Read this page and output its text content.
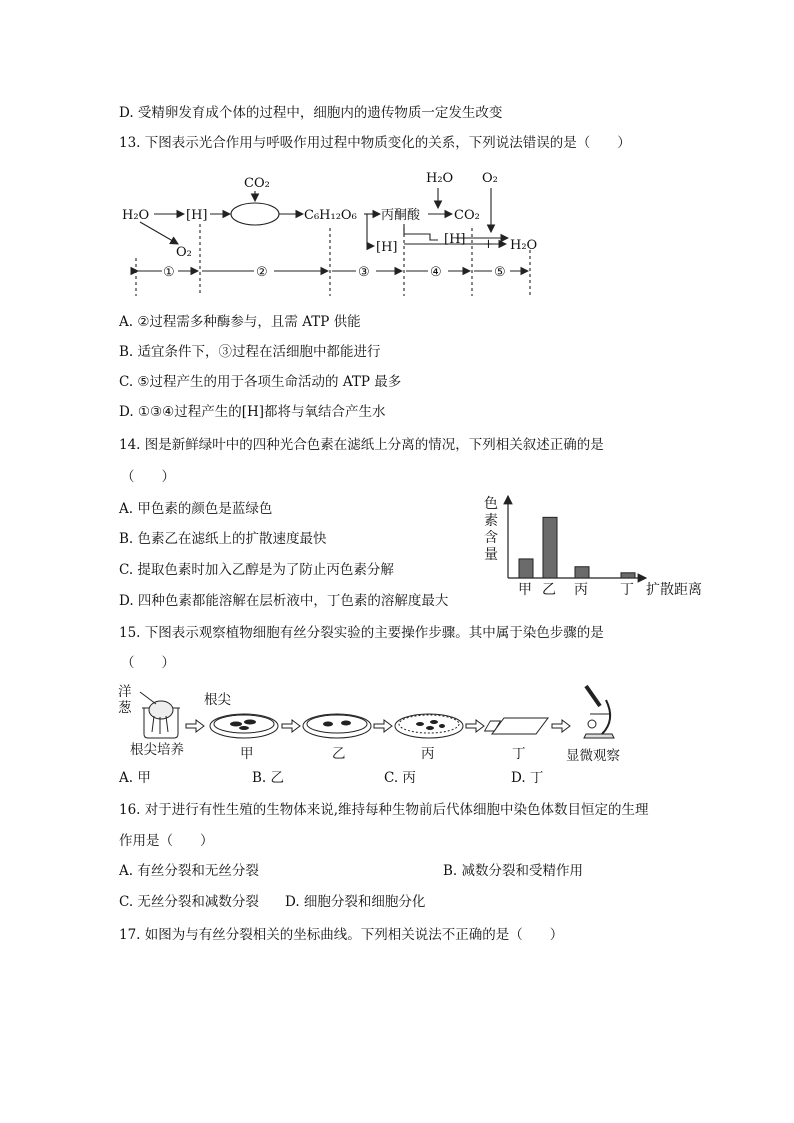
D. 受精卵发育成个体的过程中，细胞内的遗传物质一定发生改变
13. 下图表示光合作用与呼吸作用过程中物质变化的关系，下列说法错误的是（　　）
H₂O	[H]
CO₂
O₂
C₆H₁₂O₆ 丙酮酸
H₂O O₂
CO₂
[H]
[H] + H₂O
①	②	③	④	⑤
A. ②过程需多种酶参与，且需 ATP 供能
B. 适宜条件下，③过程在活细胞中都能进行
C. ⑤过程产生的用于各项生命活动的 ATP 最多
D. ①③④过程产生的[H]都将与氧结合产生水
14. 图是新鲜绿叶中的四种光合色素在滤纸上分离的情况，下列相关叙述正确的是
（　　）
A. 甲色素的颜色是蓝绿色
B. 色素乙在滤纸上的扩散速度最快
C. 提取色素时加入乙醇是为了防止丙色素分解
D. 四种色素都能溶解在层析液中，丁色素的溶解度最大
色
素
含
量
甲 乙 丙 丁 扩散距离
15. 下图表示观察植物细胞有丝分裂实验的主要操作步骤。其中属于染色步骤的是
（　　）
洋
葱	根尖
根尖培养	甲	乙	丙	丁	显微观察
A. 甲	B. 乙	C. 丙	D. 丁
16. 对于进行有性生殖的生物体来说,维持每种生物前后代体细胞中染色体数目恒定的生理
作用是（　　）
A. 有丝分裂和无丝分裂	B. 减数分裂和受精作用
C. 无丝分裂和减数分裂 D. 细胞分裂和细胞分化
17. 如图为与有丝分裂相关的坐标曲线。下列相关说法不正确的是（　　）
